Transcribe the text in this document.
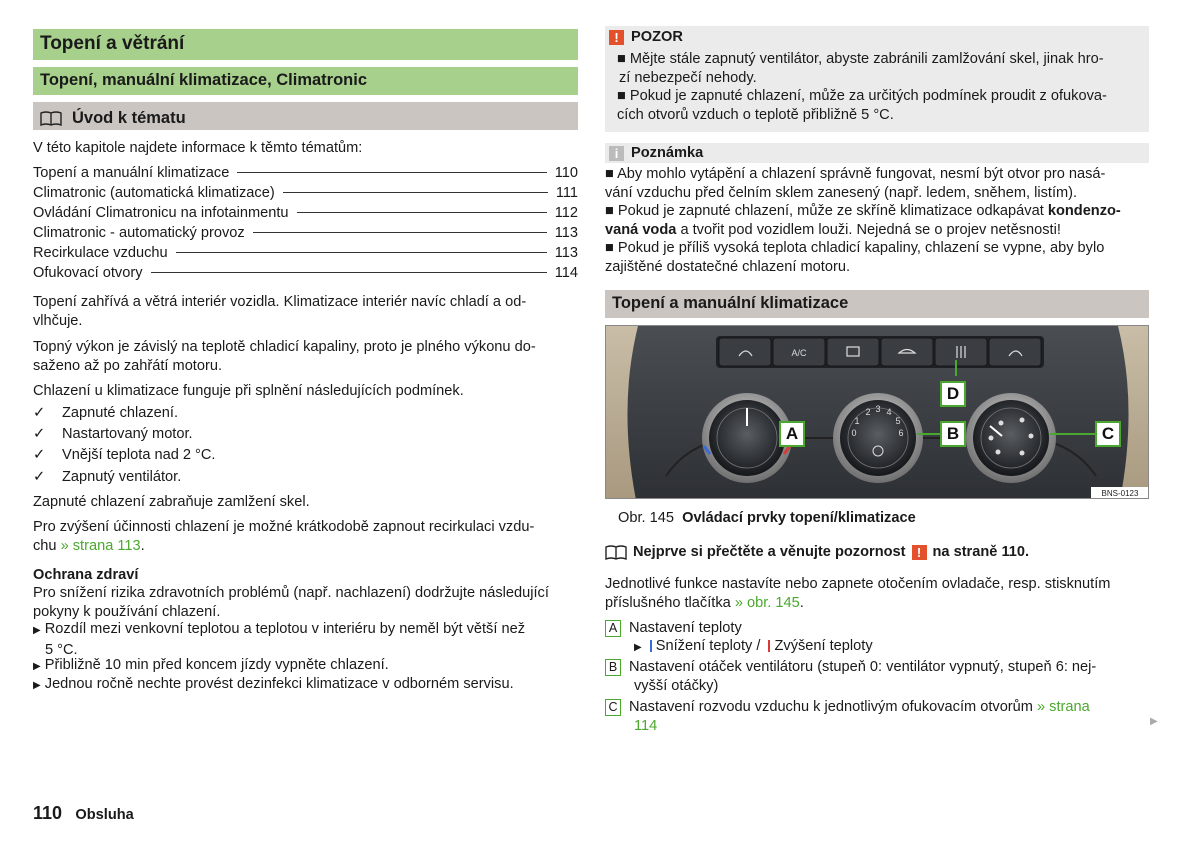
Topení a větrání
Topení, manuální klimatizace, Climatronic
Úvod k tématu
V této kapitole najdete informace k těmto tématům:
Topení a manuální klimatizace	110
Climatronic (automatická klimatizace)	111
Ovládání Climatronicu na infotainmentu	112
Climatronic - automatický provoz	113
Recirkulace vzduchu	113
Ofukovací otvory	114
Topení zahřívá a větrá interiér vozidla. Klimatizace interiér navíc chladí a od-
vlhčuje.
Topný výkon je závislý na teplotě chladicí kapaliny, proto je plného výkonu do-
saženo až po zahřátí motoru.
Chlazení u klimatizace funguje při splnění následujících podmínek.
✓ Zapnuté chlazení.
✓ Nastartovaný motor.
✓ Vnější teplota nad 2 °C.
✓ Zapnutý ventilátor.
Zapnuté chlazení zabraňuje zamlžení skel.
Pro zvýšení účinnosti chlazení je možné krátkodobě zapnout recirkulaci vzdu-
chu » strana 113.
Ochrana zdraví
Pro snížení rizika zdravotních problémů (např. nachlazení) dodržujte následující
pokyny k používání chlazení.
▶ Rozdíl mezi venkovní teplotou a teplotou v interiéru by neměl být větší než
5 °C.
▶ Přibližně 10 min před koncem jízdy vypněte chlazení.
▶ Jednou ročně nechte provést dezinfekci klimatizace v odborném servisu.
! POZOR
■ Mějte stále zapnutý ventilátor, abyste zabránili zamlžování skel, jinak hro-
zí nebezpečí nehody.
■ Pokud je zapnuté chlazení, může za určitých podmínek proudit z ofukova-
cích otvorů vzduch o teplotě přibližně 5 °C.
i Poznámka
■ Aby mohlo vytápění a chlazení správně fungovat, nesmí být otvor pro nasá-
vání vzduchu před čelním sklem zanesený (např. ledem, sněhem, listím).
■ Pokud je zapnuté chlazení, může ze skříně klimatizace odkapávat kondenzo-
vaná voda a tvořit pod vozidlem louži. Nejedná se o projev netěsnosti!
■ Pokud je příliš vysoká teplota chladicí kapaliny, chlazení se vypne, aby bylo
zajištěné dostatečné chlazení motoru.
Topení a manuální klimatizace
A/C
0
1
2 3 4
5
6
BNS-0123
A	B	C
D
Obr. 145 Ovládací prvky topení/klimatizace
Nejprve si přečtěte a věnujte pozornost ! na straně 110.
Jednotlivé funkce nastavíte nebo zapnete otočením ovladače, resp. stisknutím
příslušného tlačítka » obr. 145.
A Nastavení teploty
▶ Snížení teploty / Zvýšení teploty
B Nastavení otáček ventilátoru (stupeň 0: ventilátor vypnutý, stupeň 6: nej-
vyšší otáčky)
C Nastavení rozvodu vzduchu k jednotlivým ofukovacím otvorům » strana
114	▶
110 Obsluha
